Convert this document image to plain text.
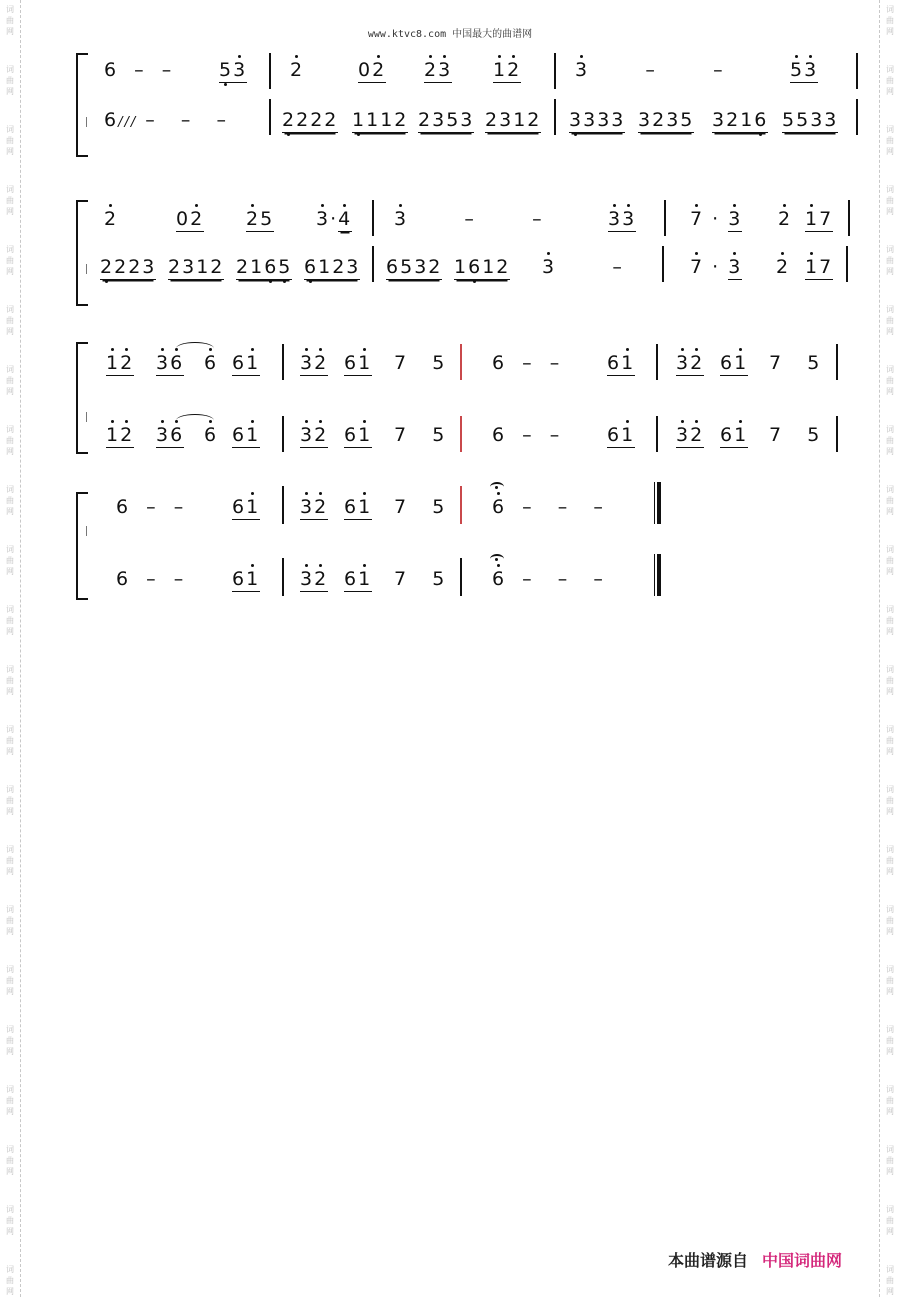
词
曲
网
词
曲
网
词
曲
网
词
曲
网
词
曲
网
词
曲
网
词
曲
网
词
曲
网
词
曲
网
词
曲
网
词
曲
网
词
曲
网
词
曲
网
词
曲
网
词
曲
网
词
曲
网
词
曲
网
词
曲
网
词
曲
网
词
曲
网
词
曲
网
词
曲
网
词
曲
网
词
曲
网
词
曲
网
词
曲
网
词
曲
网
词
曲
网
词
曲
网
词
曲
网
词
曲
网
词
曲
网
词
曲
网
词
曲
网
词
曲
网
词
曲
网
词
曲
网
词
曲
网
词
曲
网
词
曲
网
词
曲
网
词
曲
网
词
曲
网
词
曲
网
www.ktvc8.com 中国最大的曲谱网
6  –  – 53 2	02 23 12	3       –       –	53
6/// –   –   –	2222 1112 2353 2312 3333 3235 3216 5533
2	02 25 3·4 3       –       –	33	7 · 3 2 17
2223 2312 2165 6123 6532 1612 3       –	7 · 3 2 17
12 36 6 61 32 61 7   5 6  –  – 61 32 61 7   5
12 36 6 61 32 61 7   5 6  –  – 61 32 61 7   5
6  –  – 61 32 61 7   5 6  –   –   –
6  –  – 61 32 61 7   5 6  –   –   –
本曲谱源自 中国词曲网
